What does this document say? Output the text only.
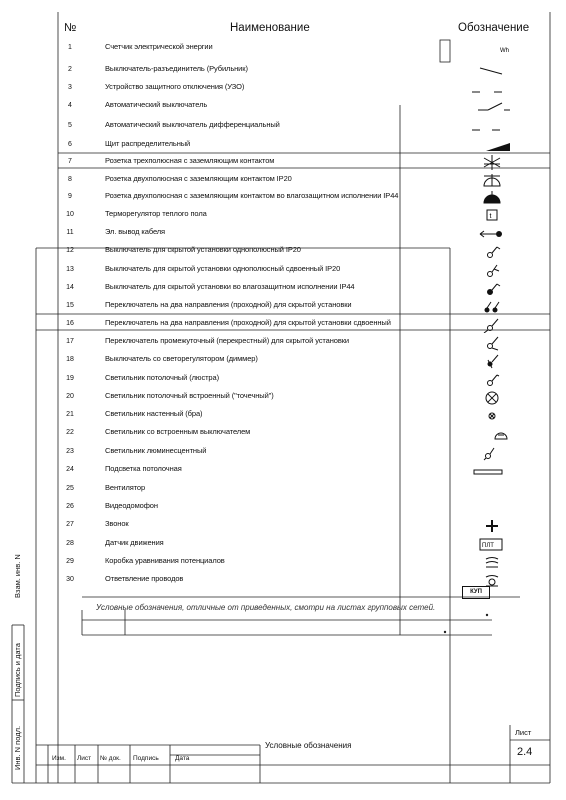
№	Наименование	Обозначение
1	Счетчик электрической энергии	Wh
2	Выключатель-разъединитель (Рубильник)
3	Устройство защитного отключения (УЗО)
4	Автоматический выключатель
5	Автоматический выключатель дифференциальный
6	Щит распределительный
7	Розетка трехполюсная с заземляющим контактом
8	Розетка двухполюсная с заземляющим контактом IP20
9	Розетка двухполюсная с заземляющим контактом во влагозащитном исполнении IP44
10	Терморегулятор теплого пола	t
11	Эл. вывод кабеля
12	Выключатель для скрытой установки однополюсный IP20
13	Выключатель для скрытой установки однополюсный сдвоенный IP20
14	Выключатель для скрытой установки во влагозащитном исполнении IP44
15	Переключатель на два направления (проходной) для скрытой установки
16	Переключатель на два направления (проходной) для скрытой установки сдвоенный
17	Переключатель промежуточный (перекрестный) для скрытой установки
18	Выключатель со светорегулятором (диммер)
19	Светильник потолочный (люстра)
20	Светильник потолочный встроенный ("точечный")
21	Светильник настенный (бра)
22	Светильник со встроенным выключателем
23	Светильник люминесцентный
24	Подсветка потолочная
25	Вентилятор
26	Видеодомофон
27	Звонок
28	Датчик движения	ПЛТ
29	Коробка уравнивания потенциалов
30	Ответвление проводов
Условные обозначения, отличные от приведенных, смотри на листах групповых сетей.
Взам. инв. N
Подпись и дата
Инв. N подл.	Изм. Лист № док. Подпись	Дата
Условные обозначения
Лист
2.4
КУП
